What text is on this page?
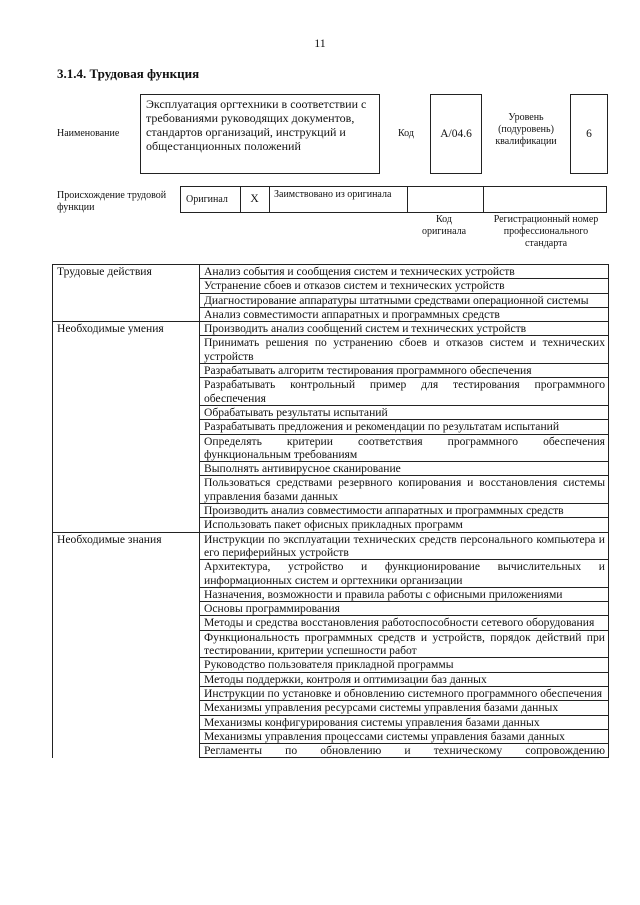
11
3.1.4. Трудовая функция
Наименование
Эксплуатация оргтехники в соответствии с требованиями руководящих документов, стандартов организаций, инструкций и общестанционных положений
Код	A/04.6
Уровень (подуровень) квалификации
6
Происхождение трудовой функции
Оригинал	X	Заимствовано из оригинала
Код оригинала
Регистрационный номер профессионального стандарта
Трудовые действия	Анализ события и сообщения систем и технических устройств
	Устранение сбоев и отказов систем и технических устройств
	Диагностирование аппаратуры штатными средствами операционной системы
	Анализ совместимости аппаратных и программных средств
Необходимые умения	Производить анализ сообщений систем и технических устройств
	Принимать решения по устранению сбоев и отказов систем и технических устройств
	Разрабатывать алгоритм тестирования программного обеспечения
	Разрабатывать контрольный пример для тестирования программного обеспечения
	Обрабатывать результаты испытаний
	Разрабатывать предложения и рекомендации по результатам испытаний
	Определять критерии соответствия программного обеспечения функциональным требованиям
	Выполнять антивирусное сканирование
	Пользоваться средствами резервного копирования и восстановления системы управления базами данных
	Производить анализ совместимости аппаратных и программных средств
	Использовать пакет офисных прикладных программ
Необходимые знания	Инструкции по эксплуатации технических средств персонального компьютера и его периферийных устройств
	Архитектура, устройство и функционирование вычислительных и информационных систем и оргтехники организации
	Назначения, возможности и правила работы с офисными приложениями
	Основы программирования
	Методы и средства восстановления работоспособности сетевого оборудования
	Функциональность программных средств и устройств, порядок действий при тестировании, критерии успешности работ
	Руководство пользователя прикладной программы
	Методы поддержки, контроля и оптимизации баз данных
	Инструкции по установке и обновлению системного программного обеспечения
	Механизмы управления ресурсами системы управления базами данных
	Механизмы конфигурирования системы управления базами данных
	Механизмы управления процессами системы управления базами данных
	Регламенты по обновлению и техническому сопровождению
